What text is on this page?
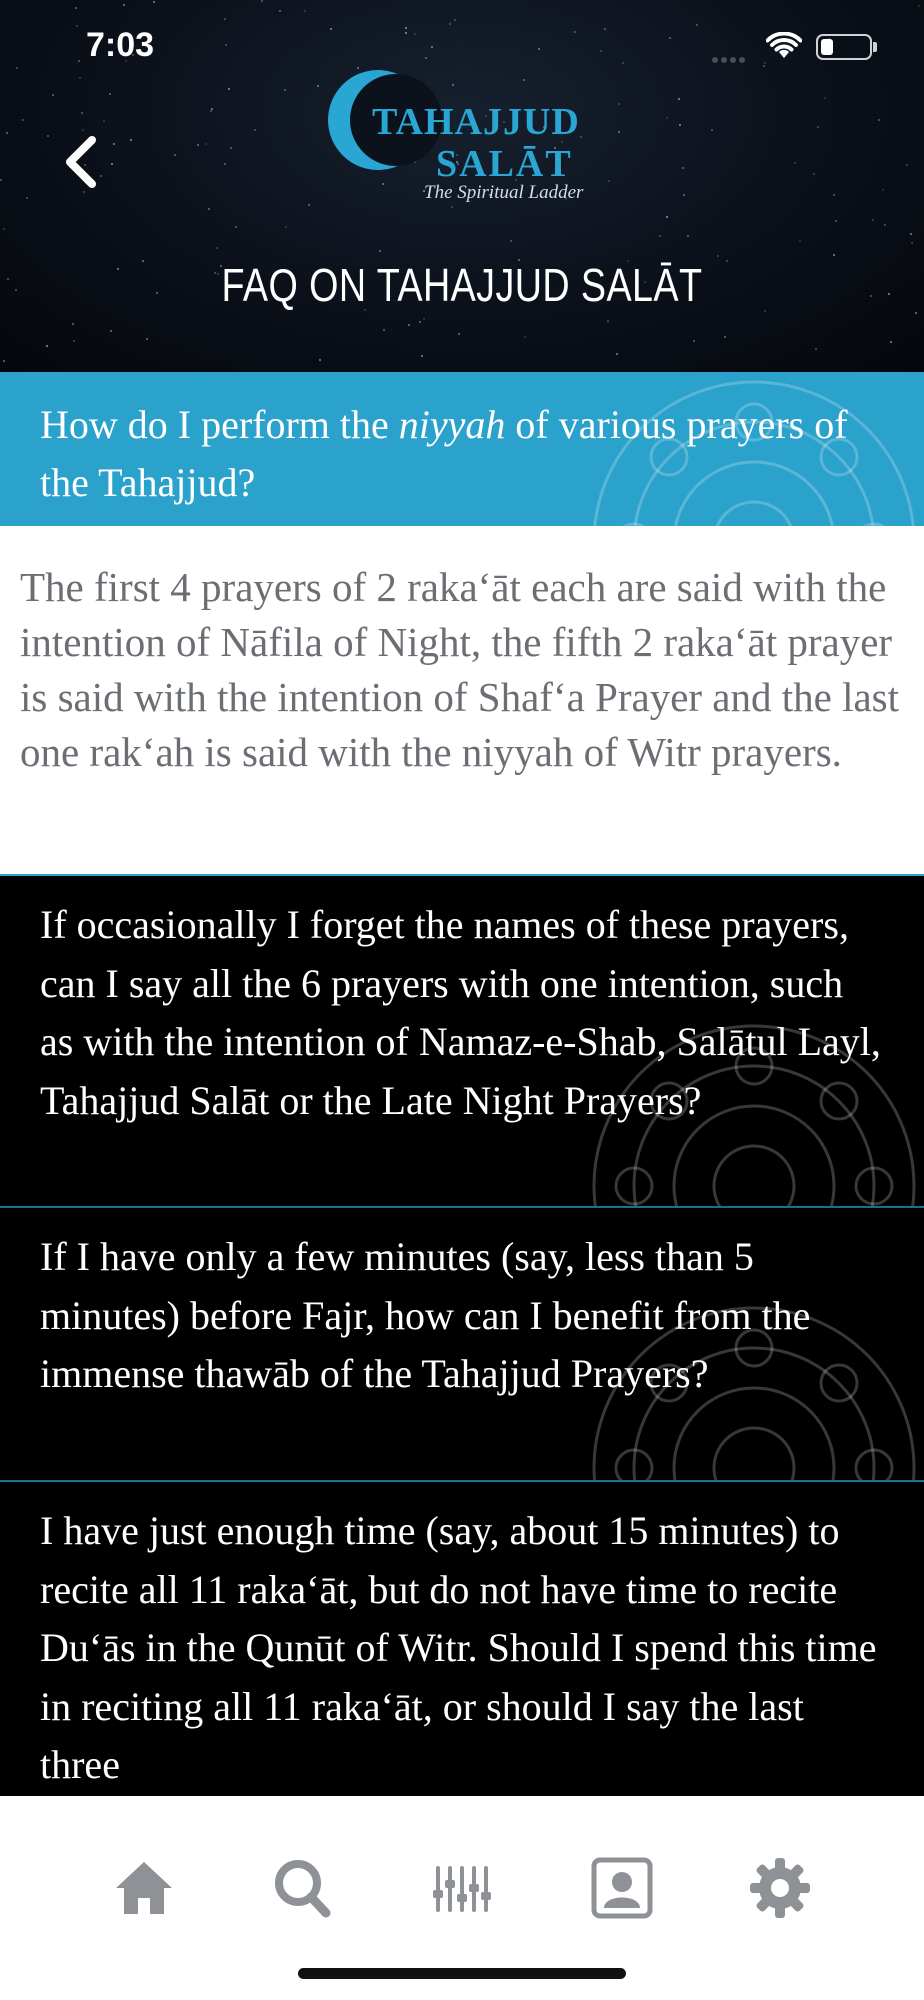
7:03
TAHAJJUD
SALĀT
The Spiritual Ladder
FAQ ON TAHAJJUD SALĀT
How do I perform the niyyah of various prayers of the Tahajjud?
The first 4 prayers of 2 raka‘āt each are said with the intention of Nāfila of Night, the fifth 2 raka‘āt prayer is said with the intention of Shaf‘a Prayer and the last one rak‘ah is said with the niyyah of Witr prayers.
If occasionally I forget the names of these prayers, can I say all the 6 prayers with one intention, such as with the intention of Namaz-e-Shab, Salātul Layl, Tahajjud Salāt or the Late Night Prayers?
If I have only a few minutes (say, less than 5 minutes) before Fajr, how can I benefit from the immense thawāb of the Tahajjud Prayers?
I have just enough time (say, about 15 minutes) to recite all 11 raka‘āt, but do not have time to recite Du‘ās in the Qunūt of Witr. Should I spend this time in reciting all 11 raka‘āt, or should I say the last three
